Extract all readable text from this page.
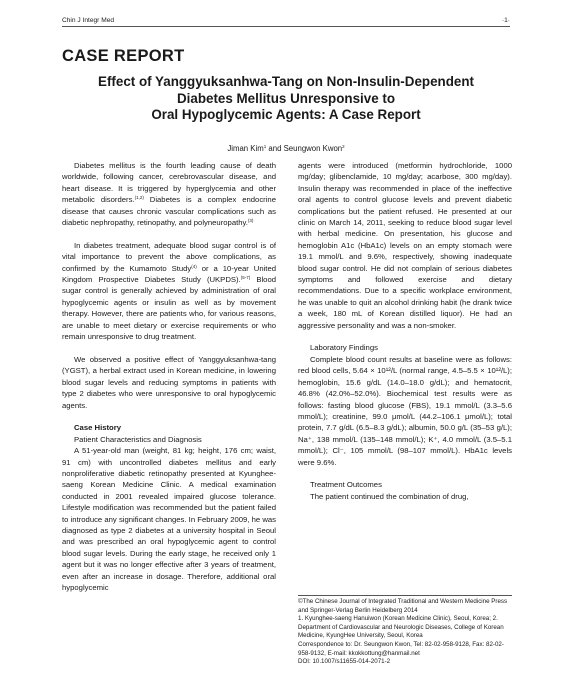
Chin J Integr Med	·1·
CASE REPORT
Effect of Yanggyuksanhwa-Tang on Non-Insulin-Dependent
Diabetes Mellitus Unresponsive to
Oral Hypoglycemic Agents: A Case Report
Jiman Kim$^1$ and Seungwon Kwon$^2$

Diabetes mellitus is the fourth leading cause of death worldwide, following cancer, cerebrovascular disease, and heart disease. It is triggered by hyperglycemia and other metabolic disorders.$^{(1,2)}$ Diabetes is a complex endocrine disease that causes chronic vascular complications such as diabetic nephropathy, retinopathy, and polyneuropathy.$^{(3)}$

In diabetes treatment, adequate blood sugar control is of vital importance to prevent the above complications, as confirmed by the Kumamoto Study$^{(4)}$ or a 10-year United Kingdom Prospective Diabetes Study (UKPDS).$^{(5-7)}$ Blood sugar control is generally achieved by administration of oral hypoglycemic agents or insulin as well as by movement therapy. However, there are patients who, for various reasons, are unable to meet dietary or exercise requirements or who remain unresponsive to drug treatment.

We observed a positive effect of Yanggyuksanhwa-tang (YGST), a herbal extract used in Korean medicine, in lowering blood sugar levels and reducing symptoms in patients with type 2 diabetes who were unresponsive to oral hypoglycemic agents.

Case History

Patient Characteristics and Diagnosis

A 51-year-old man (weight, 81 kg; height, 176 cm; waist, 91 cm) with uncontrolled diabetes mellitus and early nonproliferative diabetic retinopathy presented at Kyunghee-saeng Korean Medicine Clinic. A medical examination conducted in 2001 revealed impaired glucose tolerance. Lifestyle modification was recommended but the patient failed to introduce any significant changes. In February 2009, he was diagnosed as type 2 diabetes at a university hospital in Seoul and was prescribed an oral hypoglycemic agent to control blood sugar levels. During the early stage, he received only 1 agent but it was no longer effective after 3 years of treatment, even after an increase in dosage. Therefore, additional oral hypoglycemic

agents were introduced (metformin hydrochloride, 1000 mg/day; glibenclamide, 10 mg/day; acarbose, 300 mg/day). Insulin therapy was recommended in place of the ineffective oral agents to control glucose levels and prevent diabetic complications but the patient refused. He presented at our clinic on March 14, 2011, seeking to reduce blood sugar level with herbal medicine. On presentation, his glucose and hemoglobin A1c (HbA1c) levels on an empty stomach were 19.1 mmol/L and 9.6%, respectively, showing inadequate blood sugar control. He did not complain of serious diabetes symptoms and followed exercise and dietary recommendations. Due to a specific workplace environment, he was unable to quit an alcohol drinking habit (he drank twice a week, 180 mL of Korean distilled liquor). He had an aggressive personality and was a non-smoker.

Laboratory Findings

Complete blood count results at baseline were as follows: red blood cells, 5.64 × 10¹²/L (normal range, 4.5–5.5 × 10¹²/L); hemoglobin, 15.6 g/dL (14.0–18.0 g/dL); and hematocrit, 46.8% (42.0%–52.0%). Biochemical test results were as follows: fasting blood glucose (FBS), 19.1 mmol/L (3.3–5.6 mmol/L); creatinine, 99.0 μmol/L (44.2–106.1 μmol/L); total protein, 7.7 g/dL (6.5–8.3 g/dL); albumin, 50.0 g/L (35–53 g/L); Na⁺, 138 mmol/L (135–148 mmol/L); K⁺, 4.0 mmol/L (3.5–5.1 mmol/L); Cl⁻, 105 mmol/L (98–107 mmol/L). HbA1c levels were 9.6%.

Treatment Outcomes

The patient continued the combination of drug,

©The Chinese Journal of Integrated Traditional and Western Medicine Press and Springer-Verlag Berlin Heidelberg 2014
1. Kyunghee-saeng Hanuiwon (Korean Medicine Clinic), Seoul, Korea; 2. Department of Cardiovascular and Neurologic Diseases, College of Korean Medicine, KyungHee University, Seoul, Korea
Correspondence to: Dr. Seungwon Kwon, Tel: 82-02-958-9128, Fax: 82-02-958-9132, E-mail: kkokkottung@hanmail.net
DOI: 10.1007/s11655-014-2071-2
